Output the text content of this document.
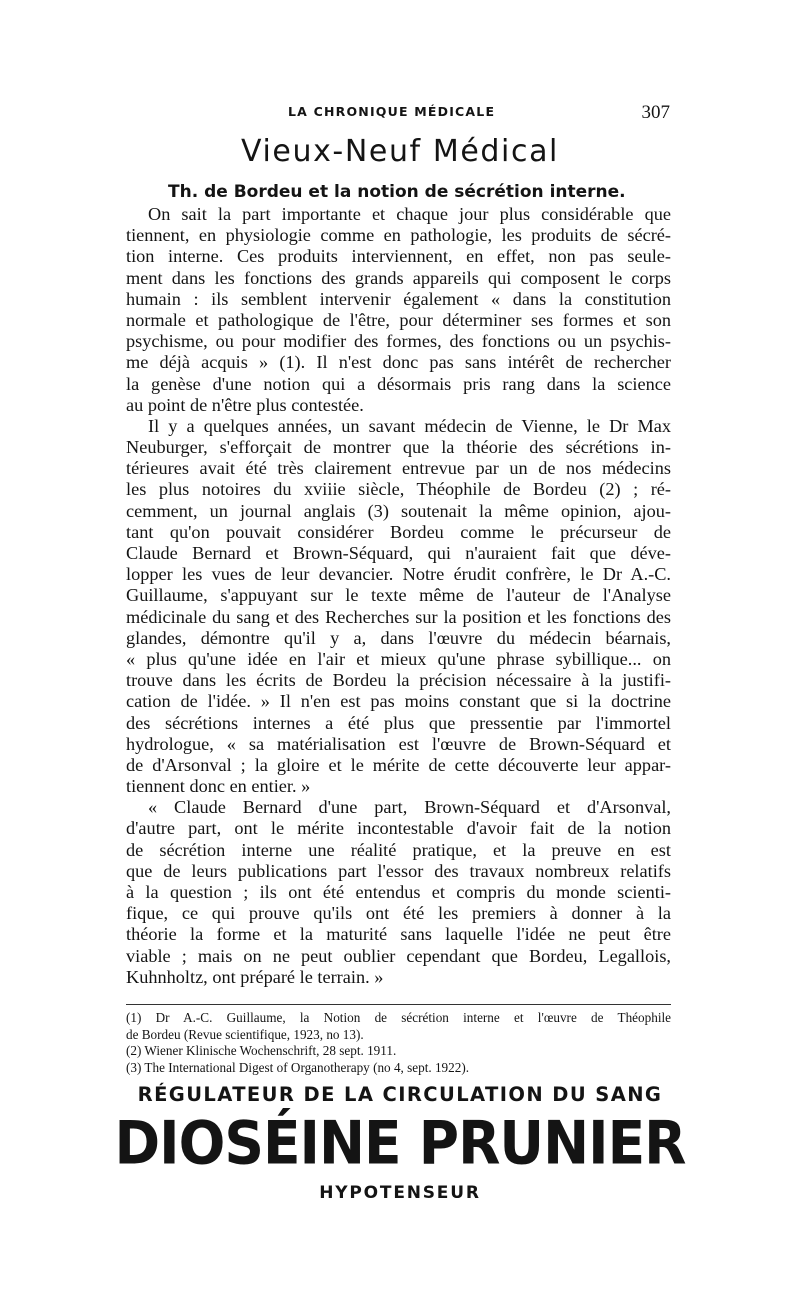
LA CHRONIQUE MÉDICALE	307
Vieux-Neuf Médical
Th. de Bordeu et la notion de sécrétion interne.
On sait la part importante et chaque jour plus considérable que
tiennent, en physiologie comme en pathologie, les produits de sécré-
tion interne. Ces produits interviennent, en effet, non pas seule-
ment dans les fonctions des grands appareils qui composent le corps
humain : ils semblent intervenir également « dans la constitution
normale et pathologique de l'être, pour déterminer ses formes et son
psychisme, ou pour modifier des formes, des fonctions ou un psychis-
me déjà acquis » (1). Il n'est donc pas sans intérêt de rechercher
la genèse d'une notion qui a désormais pris rang dans la science
au point de n'être plus contestée.
Il y a quelques années, un savant médecin de Vienne, le Dr Max
Neuburger, s'efforçait de montrer que la théorie des sécrétions in-
térieures avait été très clairement entrevue par un de nos médecins
les plus notoires du xviiie siècle, Théophile de Bordeu (2) ; ré-
cemment, un journal anglais (3) soutenait la même opinion, ajou-
tant qu'on pouvait considérer Bordeu comme le précurseur de
Claude Bernard et Brown-Séquard, qui n'auraient fait que déve-
lopper les vues de leur devancier. Notre érudit confrère, le Dr A.-C.
Guillaume, s'appuyant sur le texte même de l'auteur de l'Analyse
médicinale du sang et des Recherches sur la position et les fonctions des
glandes, démontre qu'il y a, dans l'œuvre du médecin béarnais,
« plus qu'une idée en l'air et mieux qu'une phrase sybillique... on
trouve dans les écrits de Bordeu la précision nécessaire à la justifi-
cation de l'idée. » Il n'en est pas moins constant que si la doctrine
des sécrétions internes a été plus que pressentie par l'immortel
hydrologue, « sa matérialisation est l'œuvre de Brown-Séquard et
de d'Arsonval ; la gloire et le mérite de cette découverte leur appar-
tiennent donc en entier. »
« Claude Bernard d'une part, Brown-Séquard et d'Arsonval,
d'autre part, ont le mérite incontestable d'avoir fait de la notion
de sécrétion interne une réalité pratique, et la preuve en est
que de leurs publications part l'essor des travaux nombreux relatifs
à la question ; ils ont été entendus et compris du monde scienti-
fique, ce qui prouve qu'ils ont été les premiers à donner à la
théorie la forme et la maturité sans laquelle l'idée ne peut être
viable ; mais on ne peut oublier cependant que Bordeu, Legallois,
Kuhnholtz, ont préparé le terrain. »
(1) Dr A.-C. Guillaume, la Notion de sécrétion interne et l'œuvre de Théophile
de Bordeu (Revue scientifique, 1923, no 13).
(2) Wiener Klinische Wochenschrift, 28 sept. 1911.
(3) The International Digest of Organotherapy (no 4, sept. 1922).
RÉGULATEUR DE LA CIRCULATION DU SANG
DIOSÉINE PRUNIER
HYPOTENSEUR
